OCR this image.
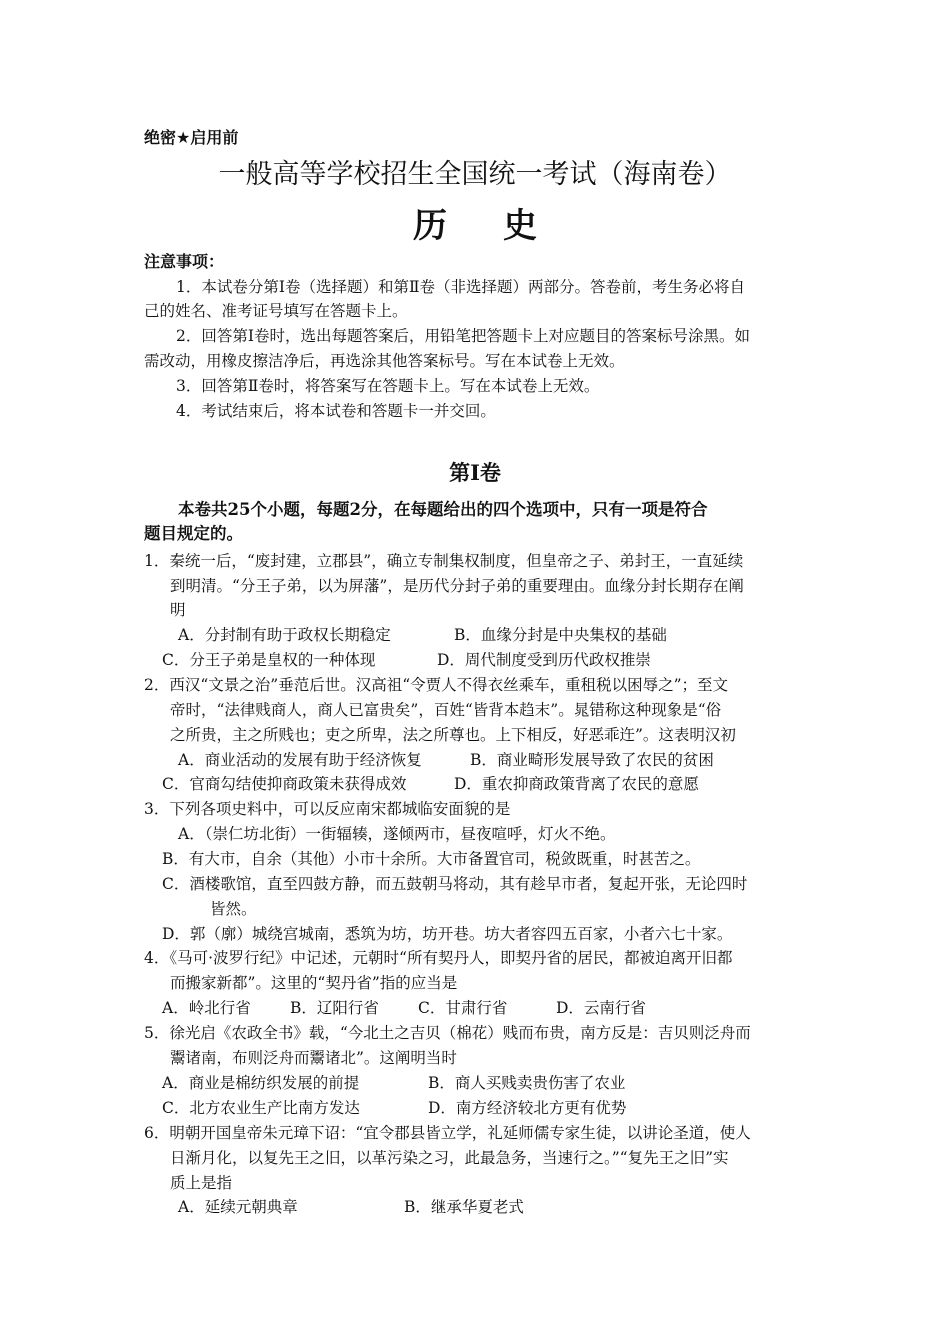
绝密★启用前
一般高等学校招生全国统一考试（海南卷）
历史
注意事项：
1．本试卷分第Ⅰ卷（选择题）和第Ⅱ卷（非选择题）两部分。答卷前，考生务必将自
己的姓名、准考证号填写在答题卡上。
2．回答第Ⅰ卷时，选出每题答案后，用铅笔把答题卡上对应题目的答案标号涂黑。如
需改动，用橡皮擦洁净后，再选涂其他答案标号。写在本试卷上无效。
3．回答第Ⅱ卷时，将答案写在答题卡上。写在本试卷上无效。
4．考试结束后，将本试卷和答题卡一并交回。
第Ⅰ卷
本卷共25个小题，每题2分，在每题给出的四个选项中，只有一项是符合
题目规定的。
1．秦统一后，“废封建，立郡县”，确立专制集权制度，但皇帝之子、弟封王，一直延续
到明清。“分王子弟，以为屏藩”，是历代分封子弟的重要理由。血缘分封长期存在阐
明
A．分封制有助于政权长期稳定	B．血缘分封是中央集权的基础
C．分王子弟是皇权的一种体现	D．周代制度受到历代政权推崇
2．西汉“文景之治”垂范后世。汉高祖“令贾人不得衣丝乘车，重租税以困辱之”；至文
帝时，“法律贱商人，商人已富贵矣”，百姓“皆背本趋末”。晁错称这种现象是“俗
之所贵，主之所贱也；吏之所卑，法之所尊也。上下相反，好恶乖迕”。这表明汉初
A．商业活动的发展有助于经济恢复	B．商业畸形发展导致了农民的贫困
C．官商勾结使抑商政策未获得成效	D．重农抑商政策背离了农民的意愿
3．下列各项史料中，可以反应南宋都城临安面貌的是
A．（崇仁坊北街）一街辐辏，遂倾两市，昼夜喧呼，灯火不绝。
B．有大市，自余（其他）小市十余所。大市备置官司，税敛既重，时甚苦之。
C．酒楼歌馆，直至四鼓方静，而五鼓朝马将动，其有趁早市者，复起开张，无论四时
皆然。
D．郭（廓）城绕宫城南，悉筑为坊，坊开巷。坊大者容四五百家，小者六七十家。
4．《马可·波罗行纪》中记述，元朝时“所有契丹人，即契丹省的居民，都被迫离开旧都
而搬家新都”。这里的“契丹省”指的应当是
A．岭北行省	B．辽阳行省	C．甘肃行省	D．云南行省
5．徐光启《农政全书》载，“今北土之吉贝（棉花）贱而布贵，南方反是：吉贝则泛舟而
鬻诸南，布则泛舟而鬻诸北”。这阐明当时
A．商业是棉纺织发展的前提	B．商人买贱卖贵伤害了农业
C．北方农业生产比南方发达	D．南方经济较北方更有优势
6．明朝开国皇帝朱元璋下诏：“宜令郡县皆立学，礼延师儒专家生徒，以讲论圣道，使人
日渐月化，以复先王之旧，以革污染之习，此最急务，当速行之。”“复先王之旧”实
质上是指
A．延续元朝典章	B．继承华夏老式
